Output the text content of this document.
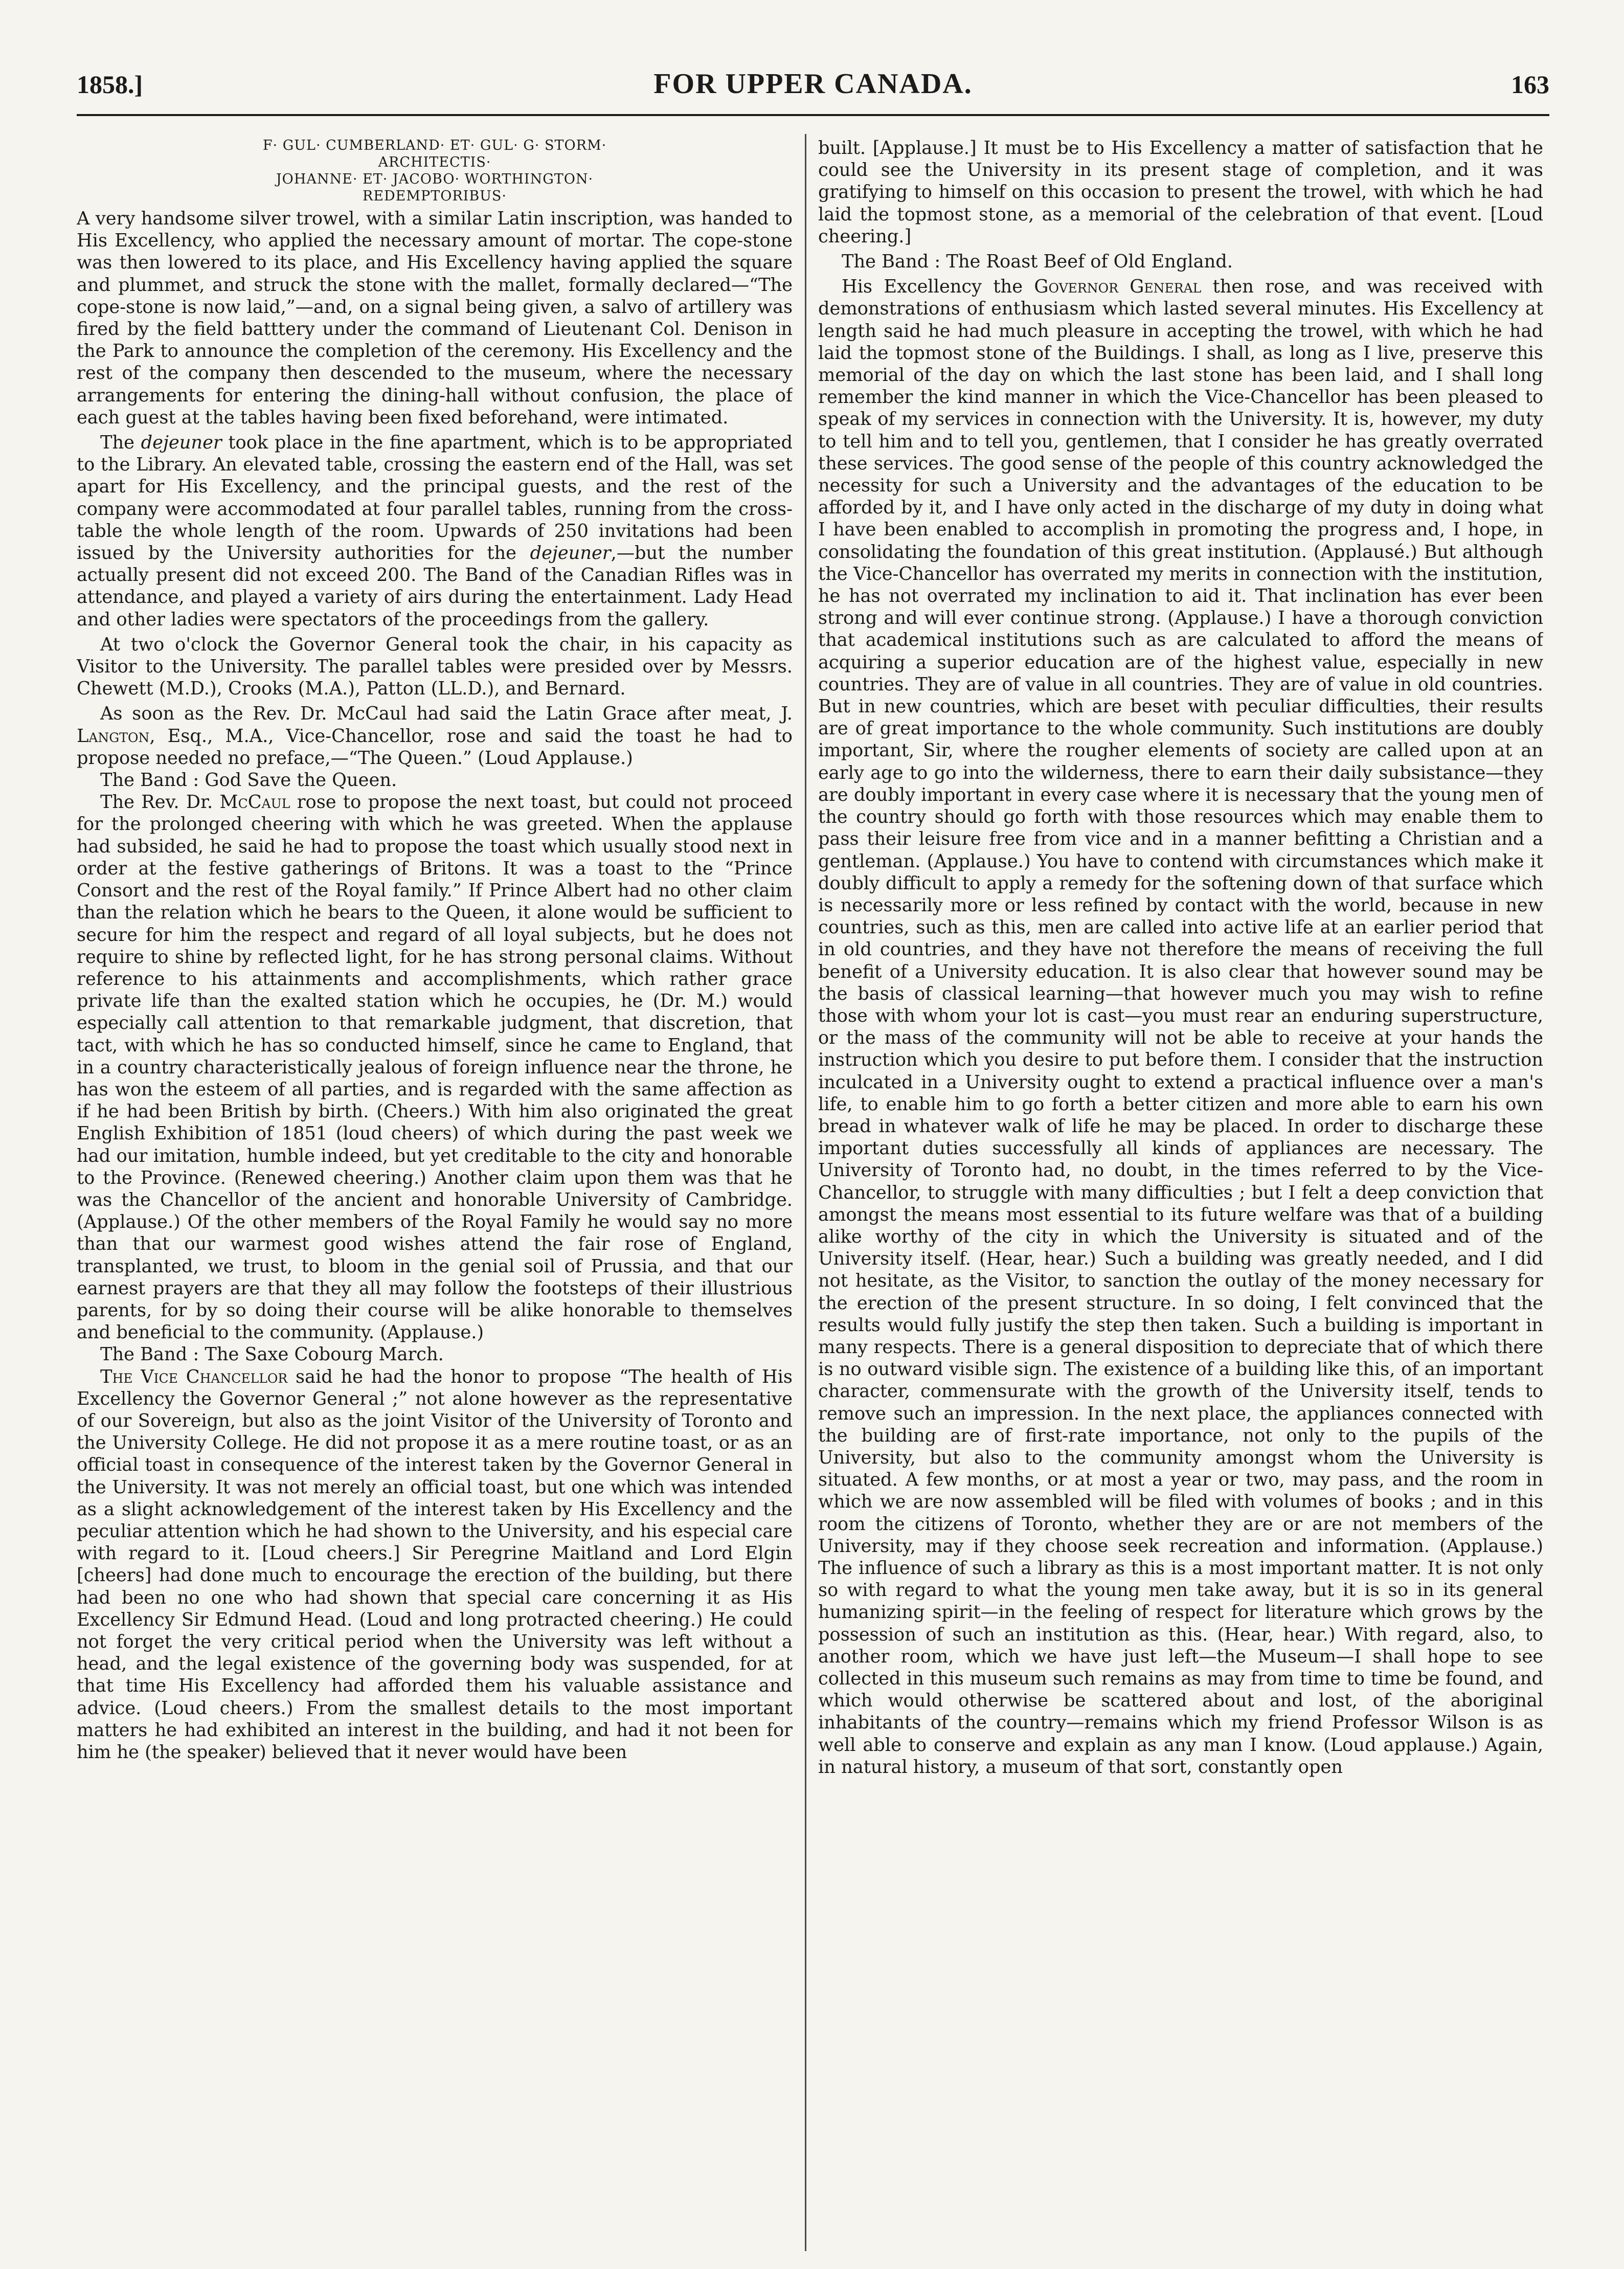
1858.]	FOR UPPER CANADA.	163
F· GUL· CUMBERLAND· ET· GUL· G· STORM·
ARCHITECTIS·
JOHANNE· ET· JACOBO· WORTHINGTON·
REDEMPTORIBUS·

A very handsome silver trowel, with a similar Latin inscription, was handed to His Excellency, who applied the necessary amount of mortar. The cope-stone was then lowered to its place, and His Excellency having applied the square and plummet, and struck the stone with the mallet, formally declared—“The cope-stone is now laid,”—and, on a signal being given, a salvo of artillery was fired by the field batttery under the command of Lieutenant Col. Denison in the Park to announce the completion of the ceremony. His Excellency and the rest of the company then descended to the museum, where the necessary arrangements for entering the dining-hall without confusion, the place of each guest at the tables having been fixed beforehand, were intimated.

The dejeuner took place in the fine apartment, which is to be appropriated to the Library. An elevated table, crossing the eastern end of the Hall, was set apart for His Excellency, and the principal guests, and the rest of the company were accommodated at four parallel tables, running from the cross-table the whole length of the room. Upwards of 250 invitations had been issued by the University authorities for the dejeuner,—but the number actually present did not exceed 200. The Band of the Canadian Rifles was in attendance, and played a variety of airs during the entertainment. Lady Head and other ladies were spectators of the proceedings from the gallery.

At two o'clock the Governor General took the chair, in his capacity as Visitor to the University. The parallel tables were presided over by Messrs. Chewett (M.D.), Crooks (M.A.), Patton (LL.D.), and Bernard.

As soon as the Rev. Dr. McCaul had said the Latin Grace after meat, J. Langton, Esq., M.A., Vice-Chancellor, rose and said the toast he had to propose needed no preface,—“The Queen.” (Loud Applause.)

The Band : God Save the Queen.

The Rev. Dr. McCaul rose to propose the next toast, but could not proceed for the prolonged cheering with which he was greeted. When the applause had subsided, he said he had to propose the toast which usually stood next in order at the festive gatherings of Britons. It was a toast to the “Prince Consort and the rest of the Royal family.” If Prince Albert had no other claim than the relation which he bears to the Queen, it alone would be sufficient to secure for him the respect and regard of all loyal subjects, but he does not require to shine by reflected light, for he has strong personal claims. Without reference to his attainments and accomplishments, which rather grace private life than the exalted station which he occupies, he (Dr. M.) would especially call attention to that remarkable judgment, that discretion, that tact, with which he has so conducted himself, since he came to England, that in a country characteristically jealous of foreign influence near the throne, he has won the esteem of all parties, and is regarded with the same affection as if he had been British by birth. (Cheers.) With him also originated the great English Exhibition of 1851 (loud cheers) of which during the past week we had our imitation, humble indeed, but yet creditable to the city and honorable to the Province. (Renewed cheering.) Another claim upon them was that he was the Chancellor of the ancient and honorable University of Cambridge. (Applause.) Of the other members of the Royal Family he would say no more than that our warmest good wishes attend the fair rose of England, transplanted, we trust, to bloom in the genial soil of Prussia, and that our earnest prayers are that they all may follow the footsteps of their illustrious parents, for by so doing their course will be alike honorable to themselves and beneficial to the community. (Applause.)

The Band : The Saxe Cobourg March.

The Vice Chancellor said he had the honor to propose “The health of His Excellency the Governor General ;” not alone however as the representative of our Sovereign, but also as the joint Visitor of the University of Toronto and the University College. He did not propose it as a mere routine toast, or as an official toast in consequence of the interest taken by the Governor General in the University. It was not merely an official toast, but one which was intended as a slight acknowledgement of the interest taken by His Excellency and the peculiar attention which he had shown to the University, and his especial care with regard to it. [Loud cheers.] Sir Peregrine Maitland and Lord Elgin [cheers] had done much to encourage the erection of the building, but there had been no one who had shown that special care concerning it as His Excellency Sir Edmund Head. (Loud and long protracted cheering.) He could not forget the very critical period when the University was left without a head, and the legal existence of the governing body was suspended, for at that time His Excellency had afforded them his valuable assistance and advice. (Loud cheers.) From the smallest details to the most important matters he had exhibited an interest in the building, and had it not been for him he (the speaker) believed that it never would have been

built. [Applause.] It must be to His Excellency a matter of satisfaction that he could see the University in its present stage of completion, and it was gratifying to himself on this occasion to present the trowel, with which he had laid the topmost stone, as a memorial of the celebration of that event. [Loud cheering.]

The Band : The Roast Beef of Old England.

His Excellency the Governor General then rose, and was received with demonstrations of enthusiasm which lasted several minutes. His Excellency at length said he had much pleasure in accepting the trowel, with which he had laid the topmost stone of the Buildings. I shall, as long as I live, preserve this memorial of the day on which the last stone has been laid, and I shall long remember the kind manner in which the Vice-Chancellor has been pleased to speak of my services in connection with the University. It is, however, my duty to tell him and to tell you, gentlemen, that I consider he has greatly overrated these services. The good sense of the people of this country acknowledged the necessity for such a University and the advantages of the education to be afforded by it, and I have only acted in the discharge of my duty in doing what I have been enabled to accomplish in promoting the progress and, I hope, in consolidating the foundation of this great institution. (Applausé.) But although the Vice-Chancellor has overrated my merits in connection with the institution, he has not overrated my inclination to aid it. That inclination has ever been strong and will ever continue strong. (Applause.) I have a thorough conviction that academical institutions such as are calculated to afford the means of acquiring a superior education are of the highest value, especially in new countries. They are of value in all countries. They are of value in old countries. But in new countries, which are beset with peculiar difficulties, their results are of great importance to the whole community. Such institutions are doubly important, Sir, where the rougher elements of society are called upon at an early age to go into the wilderness, there to earn their daily subsistance—they are doubly important in every case where it is necessary that the young men of the country should go forth with those resources which may enable them to pass their leisure free from vice and in a manner befitting a Christian and a gentleman. (Applause.) You have to contend with circumstances which make it doubly difficult to apply a remedy for the softening down of that surface which is necessarily more or less refined by contact with the world, because in new countries, such as this, men are called into active life at an earlier period that in old countries, and they have not therefore the means of receiving the full benefit of a University education. It is also clear that however sound may be the basis of classical learning—that however much you may wish to refine those with whom your lot is cast—you must rear an enduring superstructure, or the mass of the community will not be able to receive at your hands the instruction which you desire to put before them. I consider that the instruction inculcated in a University ought to extend a practical influence over a man's life, to enable him to go forth a better citizen and more able to earn his own bread in whatever walk of life he may be placed. In order to discharge these important duties successfully all kinds of appliances are necessary. The University of Toronto had, no doubt, in the times referred to by the Vice-Chancellor, to struggle with many difficulties ; but I felt a deep conviction that amongst the means most essential to its future welfare was that of a building alike worthy of the city in which the University is situated and of the University itself. (Hear, hear.) Such a building was greatly needed, and I did not hesitate, as the Visitor, to sanction the outlay of the money necessary for the erection of the present structure. In so doing, I felt convinced that the results would fully justify the step then taken. Such a building is important in many respects. There is a general disposition to depreciate that of which there is no outward visible sign. The existence of a building like this, of an important character, commensurate with the growth of the University itself, tends to remove such an impression. In the next place, the appliances connected with the building are of first-rate importance, not only to the pupils of the University, but also to the community amongst whom the University is situated. A few months, or at most a year or two, may pass, and the room in which we are now assembled will be filed with volumes of books ; and in this room the citizens of Toronto, whether they are or are not members of the University, may if they choose seek recreation and information. (Applause.) The influence of such a library as this is a most important matter. It is not only so with regard to what the young men take away, but it is so in its general humanizing spirit—in the feeling of respect for literature which grows by the possession of such an institution as this. (Hear, hear.) With regard, also, to another room, which we have just left—the Museum—I shall hope to see collected in this museum such remains as may from time to time be found, and which would otherwise be scattered about and lost, of the aboriginal inhabitants of the country—remains which my friend Professor Wilson is as well able to conserve and explain as any man I know. (Loud applause.) Again, in natural history, a museum of that sort, constantly open
